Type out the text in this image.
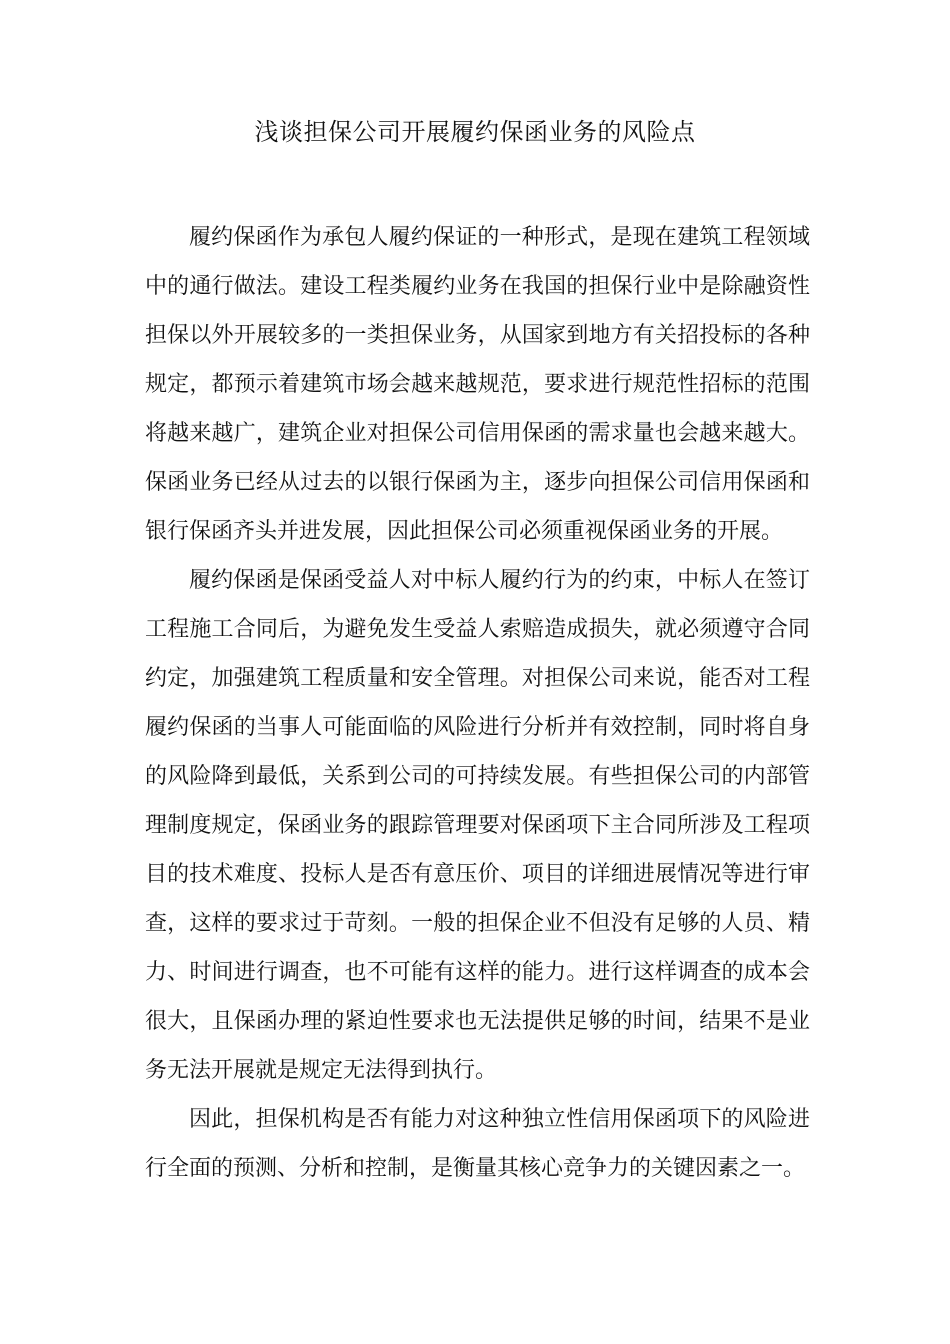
浅谈担保公司开展履约保函业务的风险点

履约保函作为承包人履约保证的一种形式，是现在建筑工程领域中的通行做法。建设工程类履约业务在我国的担保行业中是除融资性担保以外开展较多的一类担保业务，从国家到地方有关招投标的各种规定，都预示着建筑市场会越来越规范，要求进行规范性招标的范围将越来越广，建筑企业对担保公司信用保函的需求量也会越来越大。保函业务已经从过去的以银行保函为主，逐步向担保公司信用保函和银行保函齐头并进发展，因此担保公司必须重视保函业务的开展。

履约保函是保函受益人对中标人履约行为的约束，中标人在签订工程施工合同后，为避免发生受益人索赔造成损失，就必须遵守合同约定，加强建筑工程质量和安全管理。对担保公司来说，能否对工程履约保函的当事人可能面临的风险进行分析并有效控制，同时将自身的风险降到最低，关系到公司的可持续发展。有些担保公司的内部管理制度规定，保函业务的跟踪管理要对保函项下主合同所涉及工程项目的技术难度、投标人是否有意压价、项目的详细进展情况等进行审查，这样的要求过于苛刻。一般的担保企业不但没有足够的人员、精力、时间进行调查，也不可能有这样的能力。进行这样调查的成本会很大，且保函办理的紧迫性要求也无法提供足够的时间，结果不是业务无法开展就是规定无法得到执行。

因此，担保机构是否有能力对这种独立性信用保函项下的风险进行全面的预测、分析和控制，是衡量其核心竞争力的关键因素之一。
